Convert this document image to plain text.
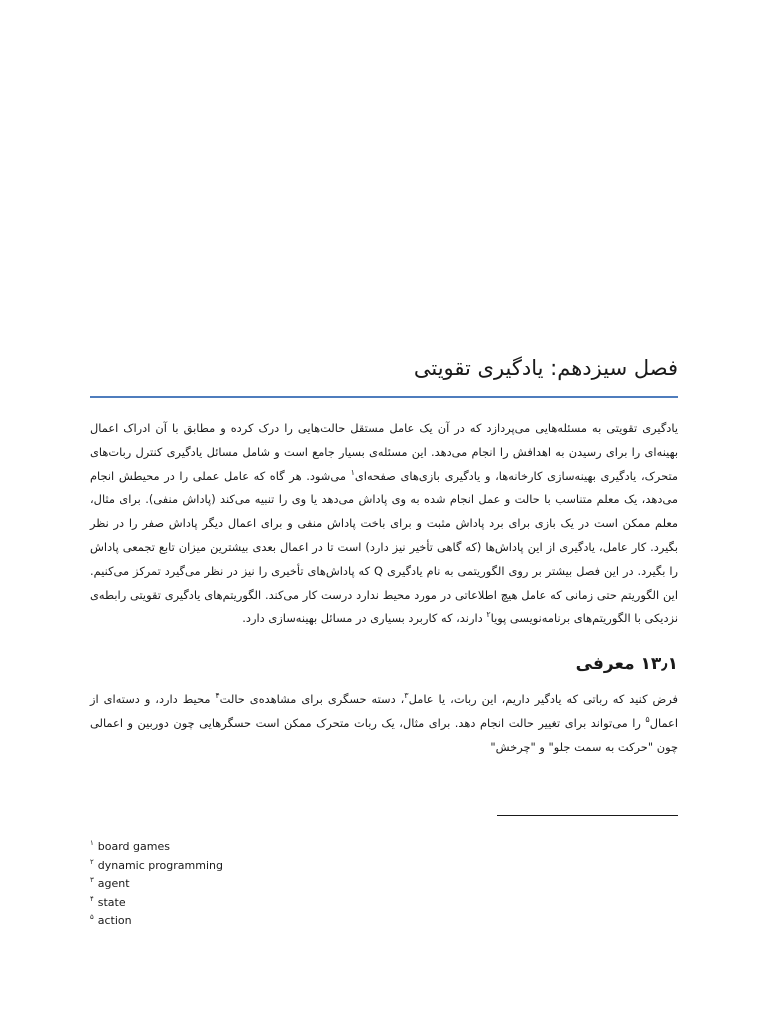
فصل سیزدهم: یادگیری تقویتی

یادگیری تقویتی به مسئله‌هایی می‌پردازد که در آن یک عامل مستقل حالت‌هایی را درک کرده و مطابق با آن ادراک اعمال بهینه‌ای را برای رسیدن به اهدافش را انجام می‌دهد. این مسئله‌ی بسیار جامع است و شامل مسائل یادگیری کنترل ربات‌های متحرک، یادگیری بهینه‌سازی کارخانه‌ها، و یادگیری بازی‌های صفحه‌ای$^۱$ می‌شود. هر گاه که عامل عملی را در محیطش انجام می‌دهد، یک معلم متناسب با حالت و عمل انجام شده به وی پاداش می‌دهد یا وی را تنبیه می‌کند (پاداش منفی). برای مثال، معلم ممکن است در یک بازی برای برد پاداش مثبت و برای باخت پاداش منفی و برای اعمال دیگر پاداش صفر را در نظر بگیرد. کار عامل، یادگیری از این پاداش‌ها (که گاهی تأخیر نیز دارد) است تا در اعمال بعدی بیشترین میزان تابع تجمعی پاداش را بگیرد. در این فصل بیشتر بر روی الگوریتمی به نام یادگیری Q که پاداش‌های تأخیری را نیز در نظر می‌گیرد تمرکز می‌کنیم. این الگوریتم حتی زمانی که عامل هیچ اطلاعاتی در مورد محیط ندارد درست کار می‌کند. الگوریتم‌های یادگیری تقویتی رابطه‌ی نزدیکی با الگوریتم‌های برنامه‌نویسی پویا$^۲$ دارند، که کاربرد بسیاری در مسائل بهینه‌سازی دارد.

۱۳٫۱ معرفی

فرض کنید که رباتی که یادگیر داریم، این ربات، یا عامل$^۳$، دسته حسگری برای مشاهده‌ی حالت$^۴$ محیط دارد، و دسته‌ای از اعمال$^۵$ را می‌تواند برای تغییر حالت انجام دهد. برای مثال، یک ربات متحرک ممکن است حسگرهایی چون دوربین و اعمالی چون "حرکت به سمت جلو" و "چرخش"

$^۱$ board games
$^۲$ dynamic programming
$^۳$ agent
$^۴$ state
$^۵$ action
